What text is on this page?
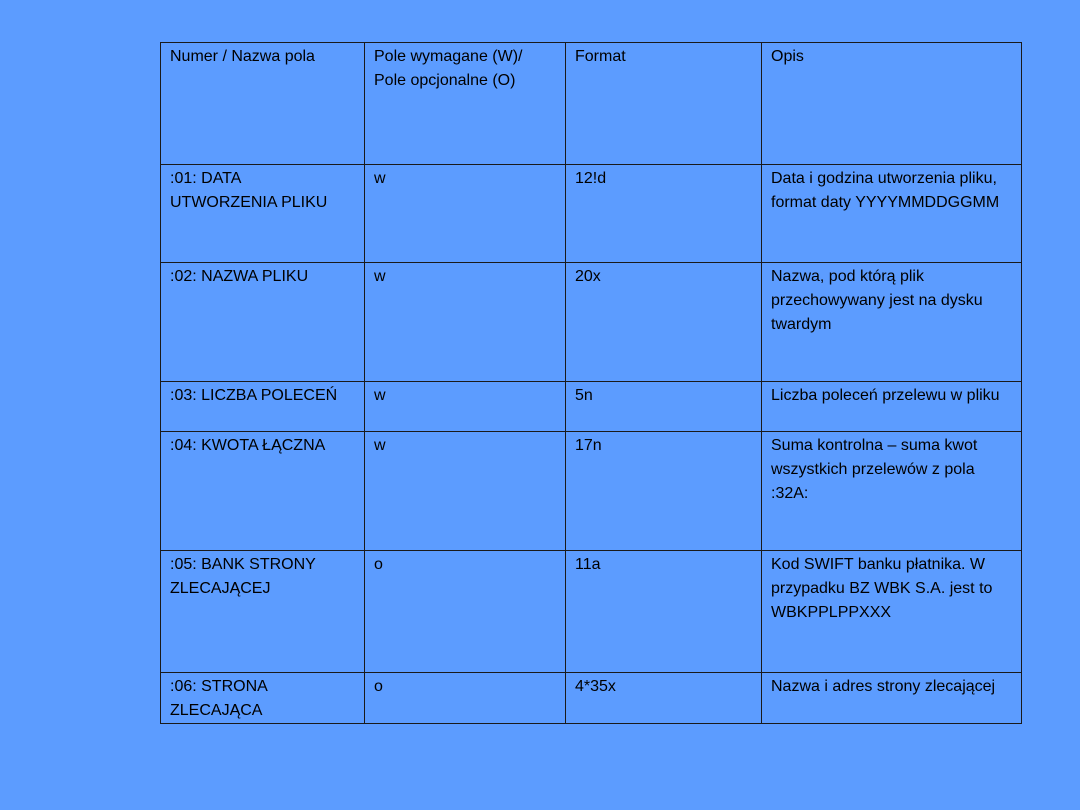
Numer / Nazwa pola	Pole wymagane (W)/
Pole opcjonalne (O)	Format	Opis
:01: DATA
UTWORZENIA PLIKU	w	12!d	Data i godzina utworzenia pliku, format daty YYYYMMDDGGMM
:02: NAZWA PLIKU	w	20x	Nazwa, pod którą plik przechowywany jest na dysku twardym
:03: LICZBA POLECEŃ	w	5n	Liczba poleceń przelewu w pliku
:04: KWOTA ŁĄCZNA	w	17n	Suma kontrolna – suma kwot wszystkich przelewów z pola :32A:
:05: BANK STRONY
ZLECAJĄCEJ	o	11a	Kod SWIFT banku płatnika. W przypadku BZ WBK S.A. jest to WBKPPLPPXXX
:06: STRONA
ZLECAJĄCA	o	4*35x	Nazwa i adres strony zlecającej
